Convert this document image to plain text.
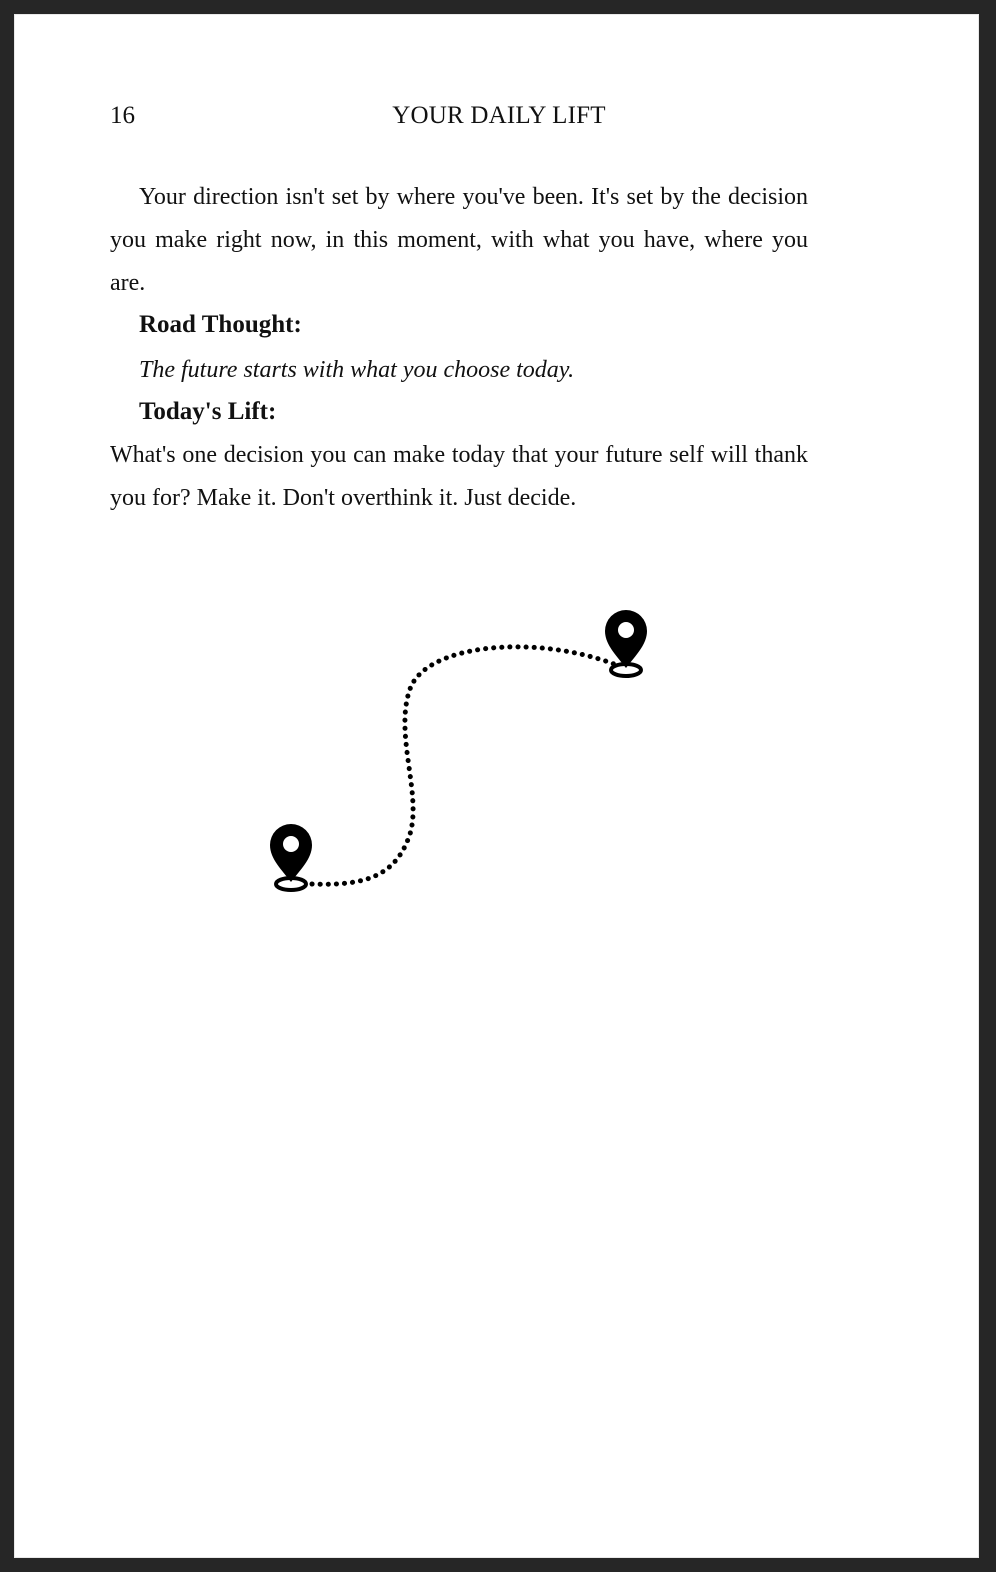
16	YOUR DAILY LIFT

Your direction isn't set by where you've been. It's set by the decision you make right now, in this moment, with what you have, where you are.

Road Thought:

The future starts with what you choose today.

Today's Lift:

What's one decision you can make today that your future self will thank you for? Make it. Don't overthink it. Just decide.
